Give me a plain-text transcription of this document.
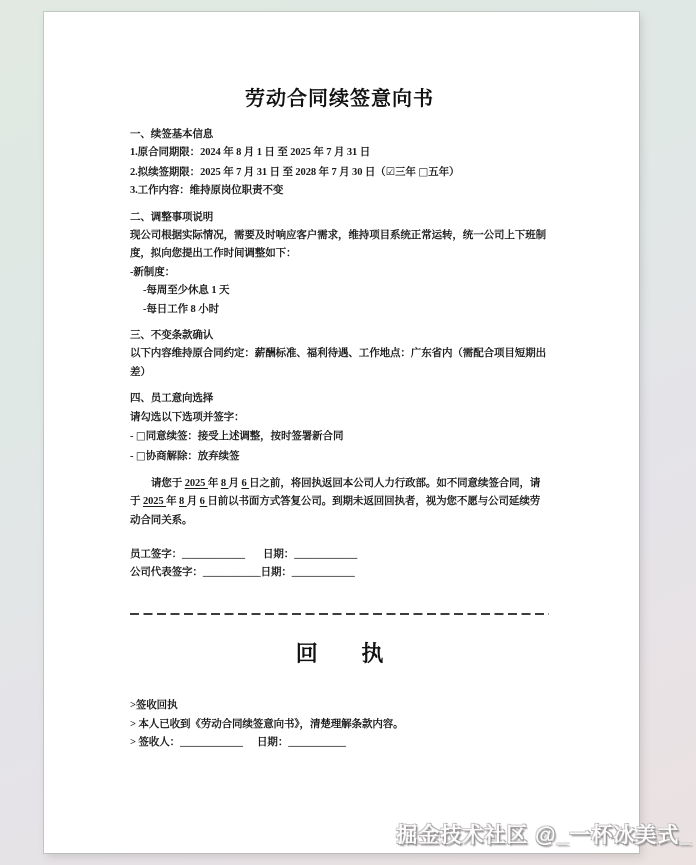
劳动合同续签意向书
一、续签基本信息
1.原合同期限：2024 年 8 月 1 日 至 2025 年 7 月 31 日
2.拟续签期限：2025 年 7 月 31 日 至 2028 年 7 月 30 日（☑三年 □五年）
3.工作内容：维持原岗位职责不变
二、调整事项说明
现公司根据实际情况，需要及时响应客户需求，维持项目系统正常运转，统一公司上下班制度，拟向您提出工作时间调整如下：
-新制度：
-每周至少休息 1 天
-每日工作 8 小时
三、不变条款确认
以下内容维持原合同约定：薪酬标准、福利待遇、工作地点：广东省内（需配合项目短期出差）
四、员工意向选择
请勾选以下选项并签字：
- □同意续签：接受上述调整，按时签署新合同
- □协商解除：放弃续签

请您于 2025 年 8 月 6 日之前，将回执返回本公司人力行政部。如不同意续签合同，请于 2025 年 8 月 6 日前以书面方式答复公司。到期未返回回执者，视为您不愿与公司延续劳动合同关系。

员工签字：____________ 日期：____________
公司代表签字：___________日期：____________
回　　执
>签收回执
> 本人已收到《劳动合同续签意向书》，清楚理解条款内容。
> 签收人：____________ 日期：___________
掘金技术社区 @_一杯冰美式_
